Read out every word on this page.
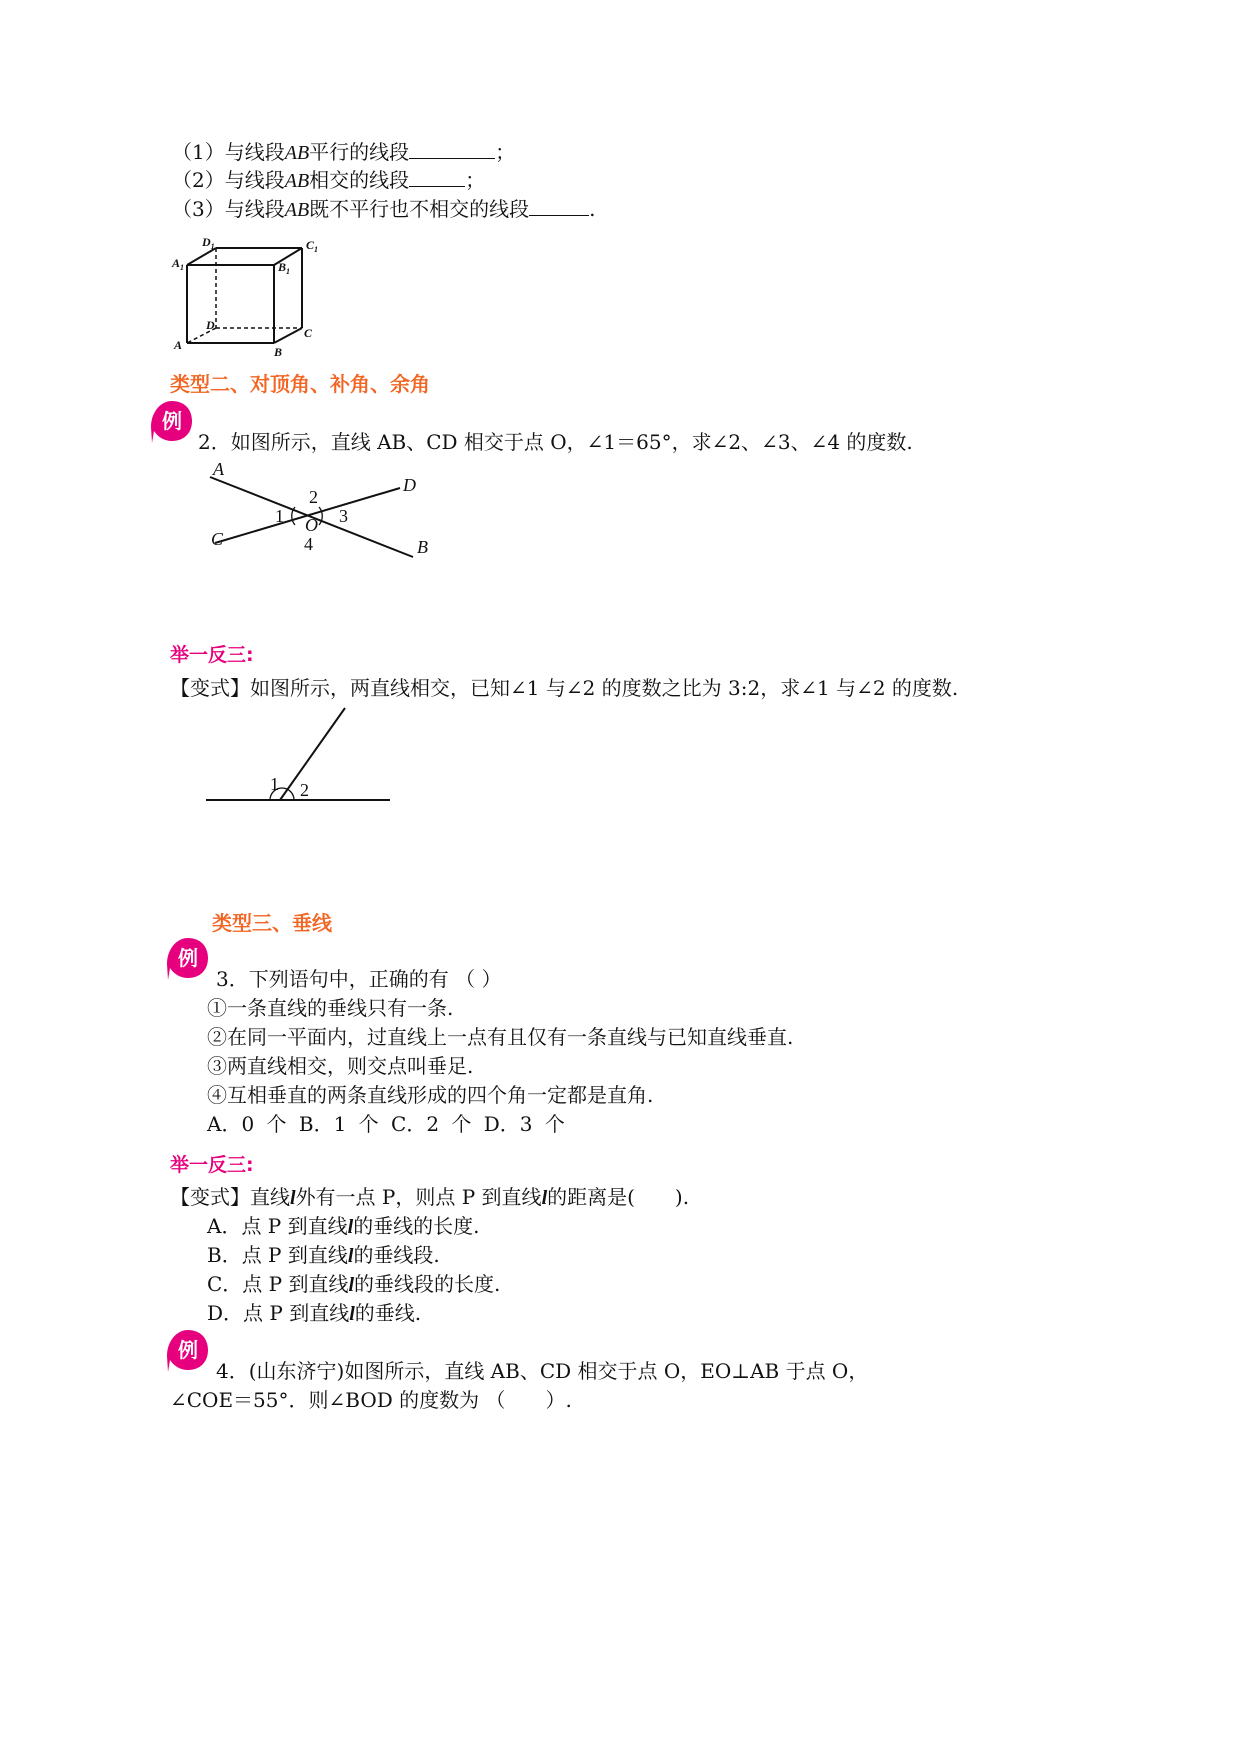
（1）与线段AB平行的线段	；
（2）与线段AB相交的线段	；
（3）与线段AB既不平行也不相交的线段	.
$A_1$
$D_1$	$C_1$
$B_1$
D
C
A	B
类型二、对顶角、补角、余角
例
2．如图所示，直线 AB、CD 相交于点 O，∠1＝65°，求∠2、∠3、∠4 的度数.
A
D
C	B
O
1
2
3
4
举一反三:
【变式】如图所示，两直线相交，已知∠1 与∠2 的度数之比为 3:2，求∠1 与∠2 的度数.
1 2
类型三、垂线
例
3．下列语句中，正确的有 （ ）
①一条直线的垂线只有一条.
②在同一平面内，过直线上一点有且仅有一条直线与已知直线垂直.
③两直线相交，则交点叫垂足.
④互相垂直的两条直线形成的四个角一定都是直角.
A．0 个 B．1 个 C．2 个 D．3 个
举一反三:
【变式】直线l外有一点 P，则点 P 到直线l的距离是(　　).
A．点 P 到直线l的垂线的长度.
B．点 P 到直线l的垂线段.
C．点 P 到直线l的垂线段的长度.
D．点 P 到直线l的垂线.
例
4．(山东济宁)如图所示，直线 AB、CD 相交于点 O，EO⊥AB 于点 O，
∠COE＝55°．则∠BOD 的度数为 （　　）.
